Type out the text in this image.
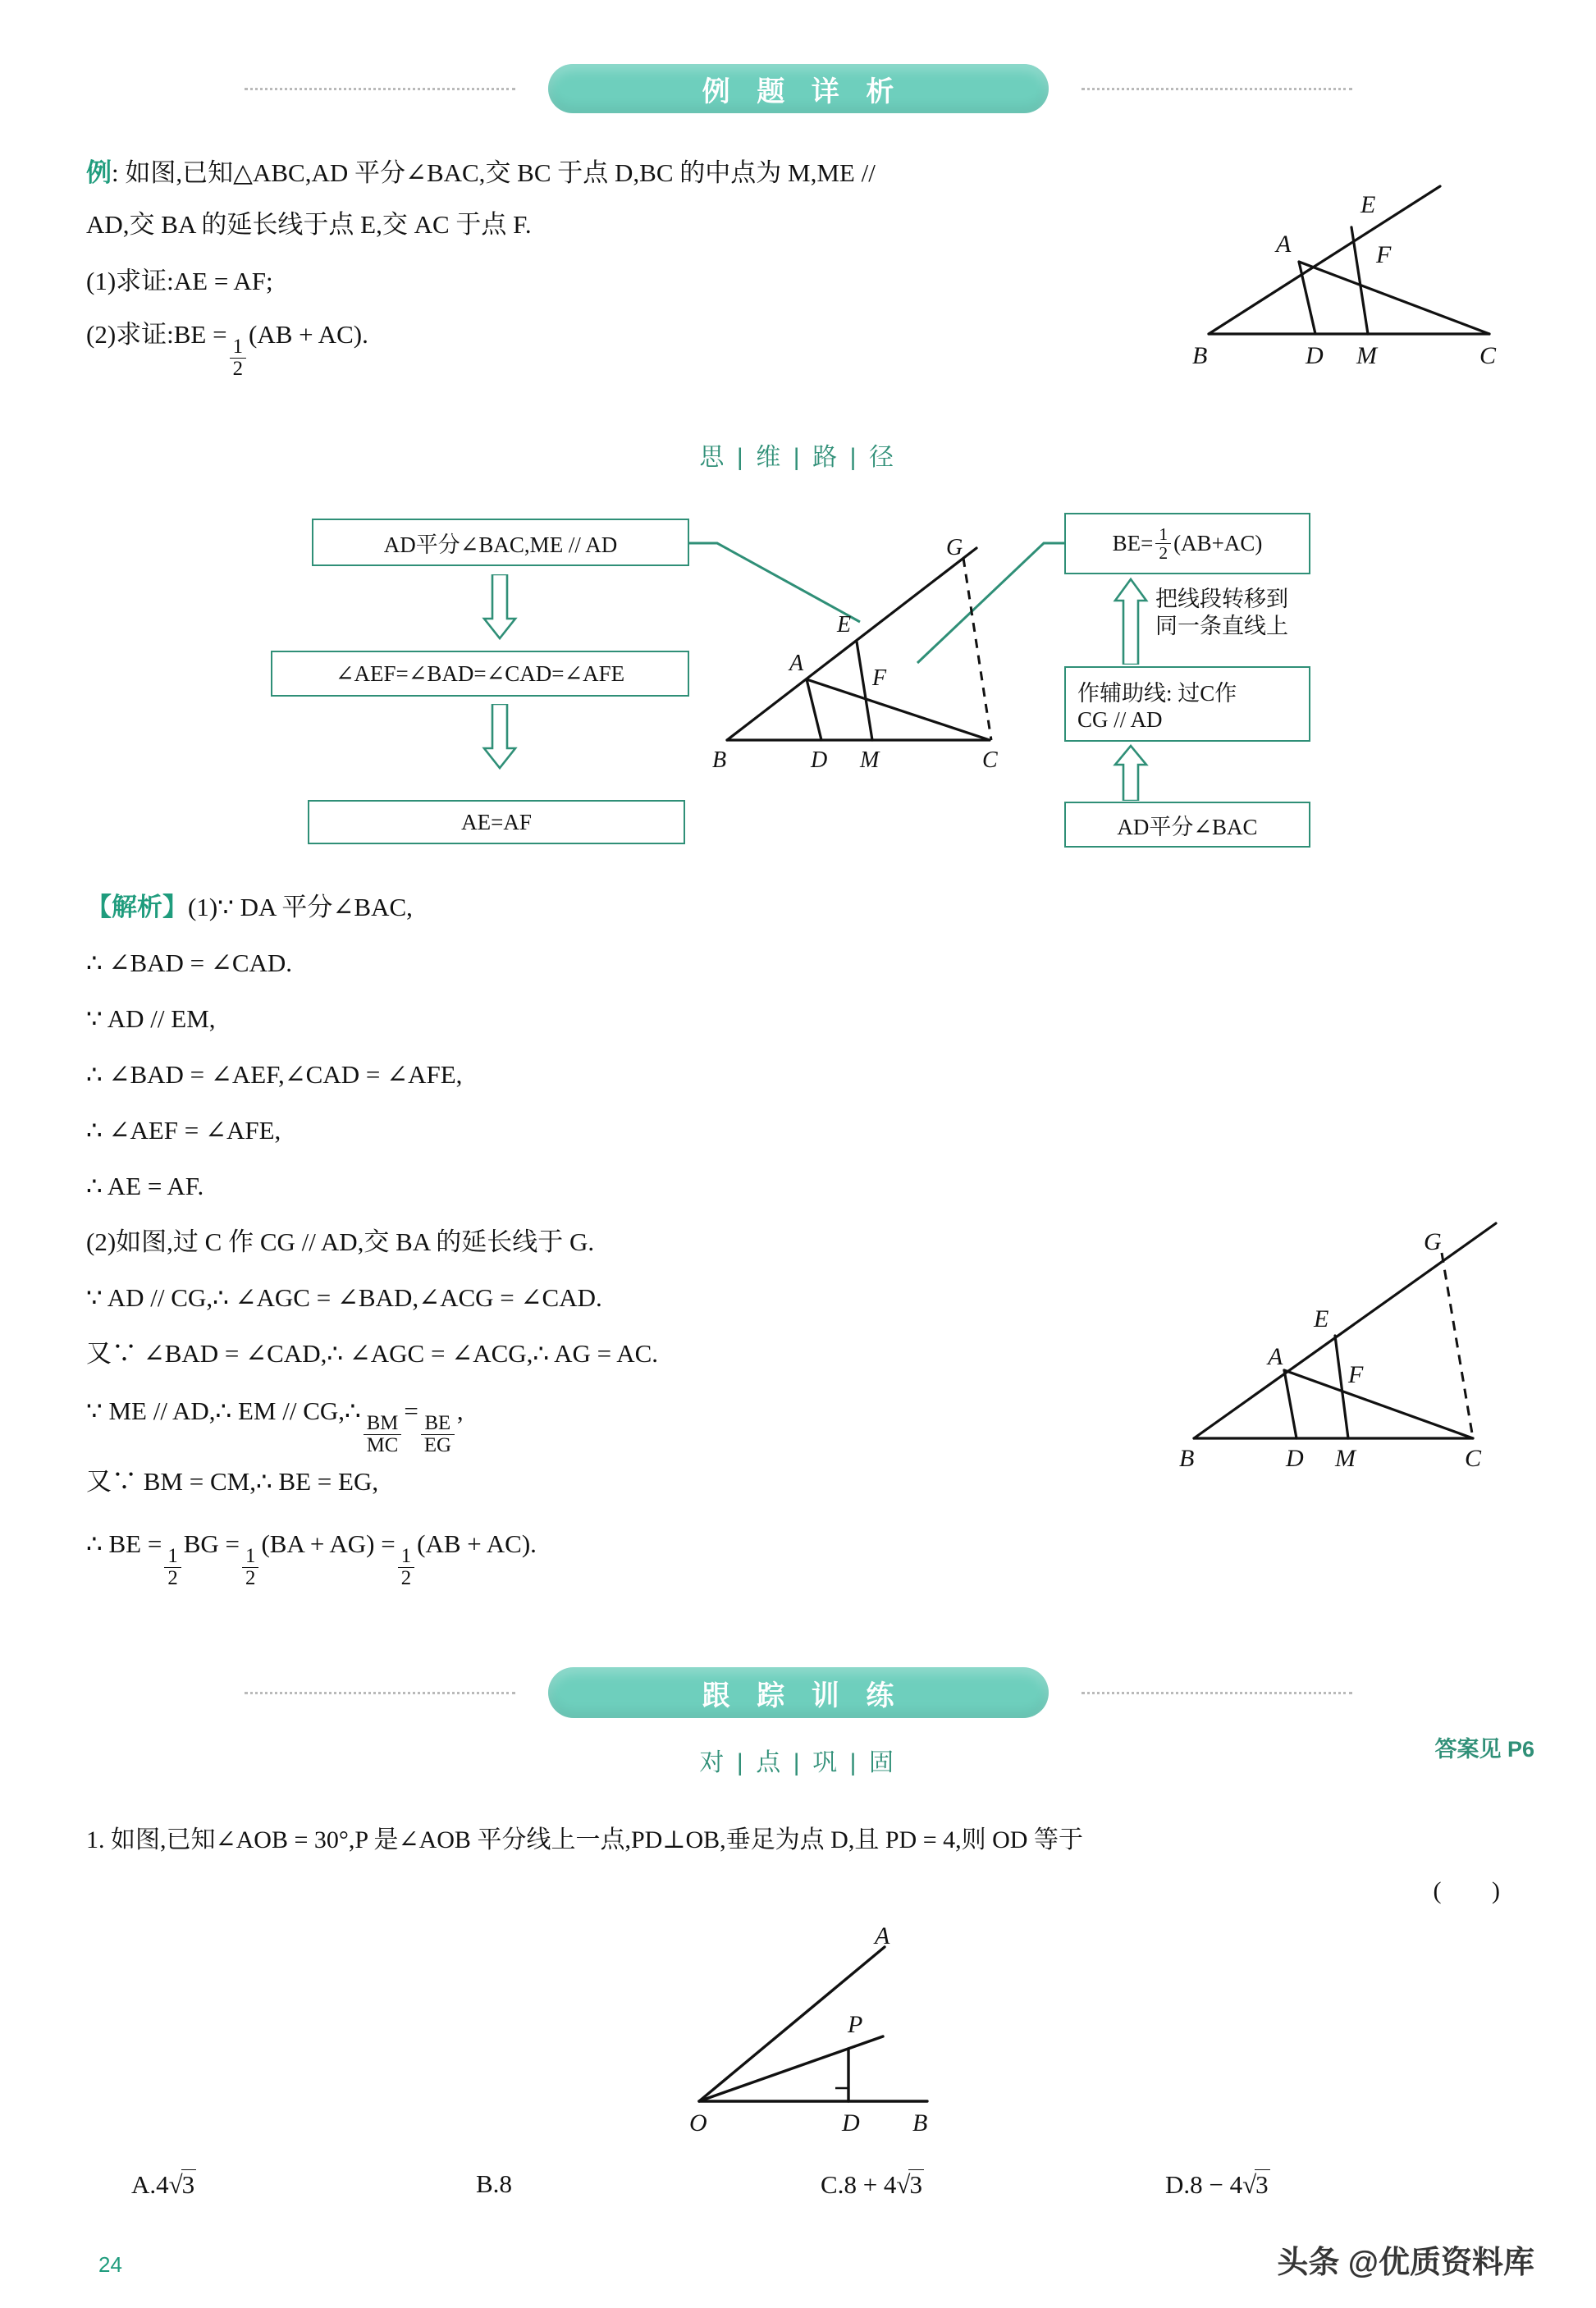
例 题 详 析
例: 如图,已知△ABC,AD 平分∠BAC,交 BC 于点 D,BC 的中点为 M,ME //
AD,交 BA 的延长线于点 E,交 AC 于点 F.
(1)求证:AE = AF;
(2)求证:BE =
$\frac{1}{2}$
(AB + AC).
E
A	F
B	D M	C
思 | 维 | 路 | 径
AD平分∠BAC,ME // AD
∠AEF=∠BAD=∠CAD=∠AFE
AE=AF
G
E
A
F
B	D M	C
$BE= \frac{1}{2} (AB+AC)$
把线段转移到
同一条直线上
作辅助线: 过C作
CG // AD
AD平分∠BAC
【解析】(1)∵ DA 平分∠BAC,
∴ ∠BAD = ∠CAD.
∵ AD // EM,
∴ ∠BAD = ∠AEF,∠CAD = ∠AFE,
∴ ∠AEF = ∠AFE,
∴ AE = AF.
(2)如图,过 C 作 CG // AD,交 BA 的延长线于 G.
∵ AD // CG,∴ ∠AGC = ∠BAD,∠ACG = ∠CAD.
又∵ ∠BAD = ∠CAD,∴ ∠AGC = ∠ACG,∴ AG = AC.
∵ ME // AD,∴ EM // CG,∴
$\frac{BM}{MC}$
=
$\frac{BE}{EG}$
,
又∵ BM = CM,∴ BE = EG,
∴ BE =
$\frac{1}{2}$
BG =
$\frac{1}{2}$
(BA + AG) =
$\frac{1}{2}$
(AB + AC).
G
E
A
F
B	D M	C
跟 踪 训 练
答案见 P6
对 | 点 | 巩 | 固
1. 如图,已知∠AOB = 30°,P 是∠AOB 平分线上一点,PD⊥OB,垂足为点 D,且 PD = 4,则 OD 等于
( )
A
P
O	D B
A.4√3	B.8	C.8 + 4√3	D.8 − 4√3
24	头条 @优质资料库
